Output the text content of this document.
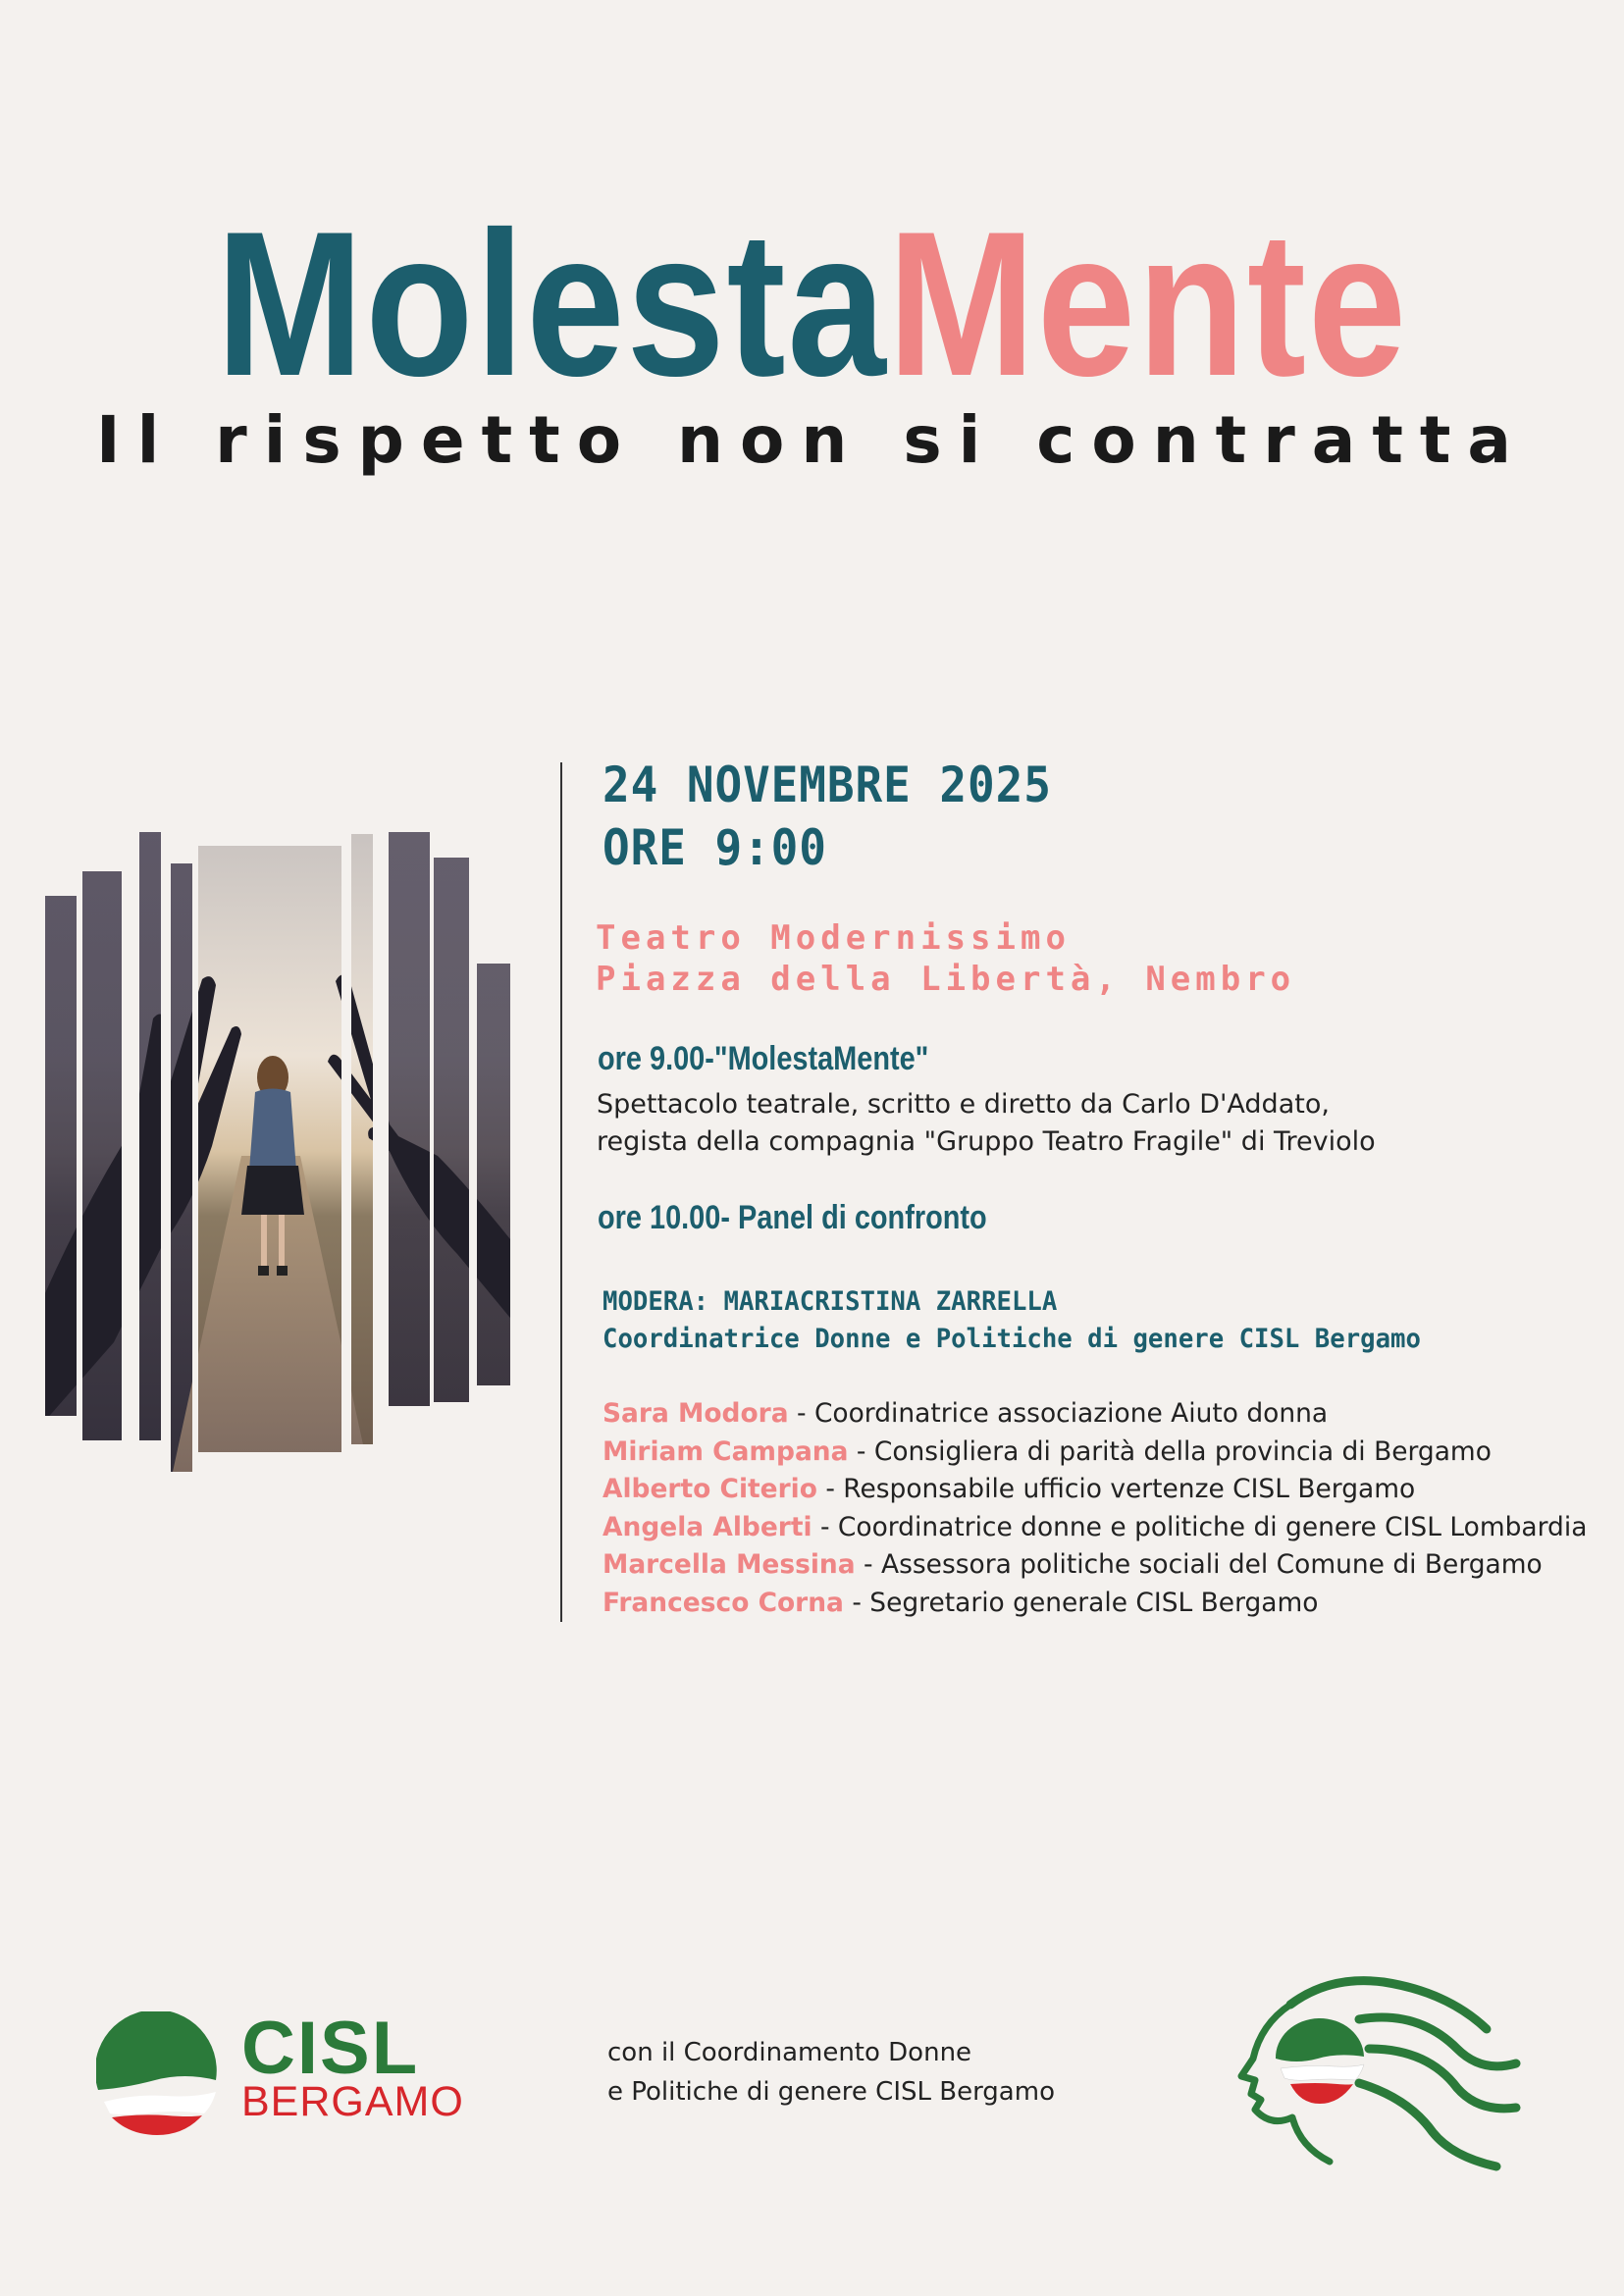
MolestaMente
Il rispetto non si contratta
24 NOVEMBRE 2025
ORE 9:00
Teatro Modernissimo
Piazza della Libertà, Nembro
ore 9.00-"MolestaMente"
Spettacolo teatrale, scritto e diretto da Carlo D'Addato,
regista della compagnia "Gruppo Teatro Fragile" di Treviolo
ore 10.00- Panel di confronto
MODERA: MARIACRISTINA ZARRELLA
Coordinatrice Donne e Politiche di genere CISL Bergamo
Sara Modora - Coordinatrice associazione Aiuto donna
Miriam Campana - Consigliera di parità della provincia di Bergamo
Alberto Citerio - Responsabile ufficio vertenze CISL Bergamo
Angela Alberti - Coordinatrice donne e politiche di genere CISL Lombardia
Marcella Messina - Assessora politiche sociali del Comune di Bergamo
Francesco Corna - Segretario generale CISL Bergamo
CISL
BERGAMO
con il Coordinamento Donne
e Politiche di genere CISL Bergamo
